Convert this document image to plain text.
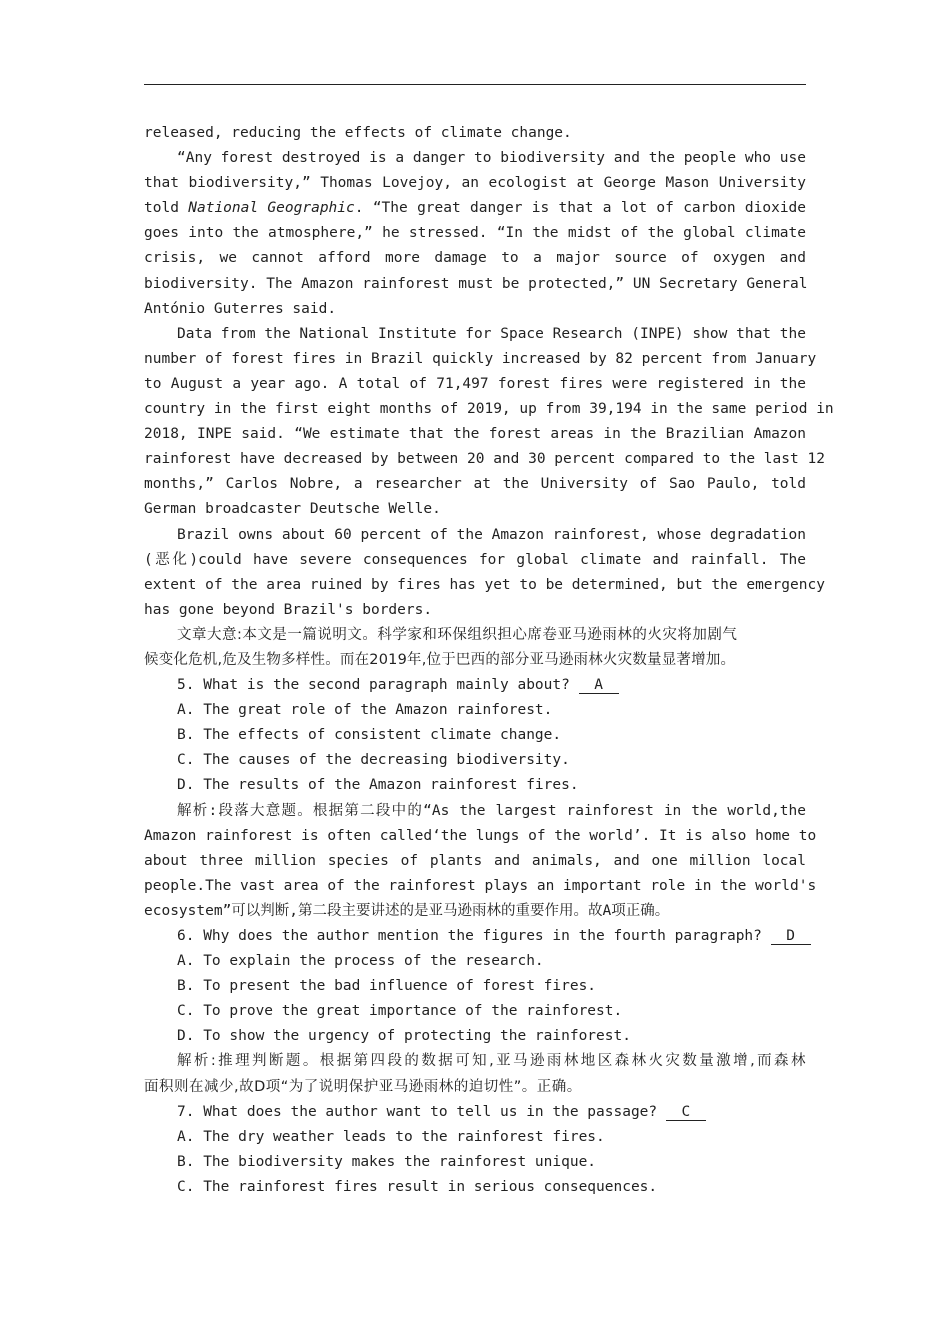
released, reducing the effects of climate change.
“Any forest destroyed is a danger to biodiversity and the people who use
that biodiversity,” Thomas Lovejoy, an ecologist at George Mason University
told National Geographic. “The great danger is that a lot of carbon dioxide
goes into the atmosphere,” he stressed. “In the midst of the global climate
crisis, we cannot afford more damage to a major source of oxygen and
biodiversity. The Amazon rainforest must be protected,” UN Secretary General
António Guterres said.
Data from the National Institute for Space Research (INPE) show that the
number of forest fires in Brazil quickly increased by 82 percent from January
to August a year ago. A total of 71,497 forest fires were registered in the
country in the first eight months of 2019, up from 39,194 in the same period in
2018, INPE said. “We estimate that the forest areas in the Brazilian Amazon
rainforest have decreased by between 20 and 30 percent compared to the last 12
months,” Carlos Nobre, a researcher at the University of Sao Paulo, told
German broadcaster Deutsche Welle.
Brazil owns about 60 percent of the Amazon rainforest, whose degradation
(恶化)could have severe consequences for global climate and rainfall. The
extent of the area ruined by fires has yet to be determined, but the emergency
has gone beyond Brazil's borders.
文章大意:本文是一篇说明文。科学家和环保组织担心席卷亚马逊雨林的火灾将加剧气
候变化危机,危及生物多样性。而在2019年,位于巴西的部分亚马逊雨林火灾数量显著增加。
5. What is the second paragraph mainly about? A
A. The great role of the Amazon rainforest.
B. The effects of consistent climate change.
C. The causes of the decreasing biodiversity.
D. The results of the Amazon rainforest fires.
解析:段落大意题。根据第二段中的“As the largest rainforest in the world,the
Amazon rainforest is often called‘the lungs of the world’. It is also home to
about three million species of plants and animals, and one million local
people.The vast area of the rainforest plays an important role in the world's
ecosystem”可以判断,第二段主要讲述的是亚马逊雨林的重要作用。故A项正确。
6. Why does the author mention the figures in the fourth paragraph? D
A. To explain the process of the research.
B. To present the bad influence of forest fires.
C. To prove the great importance of the rainforest.
D. To show the urgency of protecting the rainforest.
解析:推理判断题。根据第四段的数据可知,亚马逊雨林地区森林火灾数量激增,而森林
面积则在减少,故D项“为了说明保护亚马逊雨林的迫切性”。正确。
7. What does the author want to tell us in the passage? C
A. The dry weather leads to the rainforest fires.
B. The biodiversity makes the rainforest unique.
C. The rainforest fires result in serious consequences.
